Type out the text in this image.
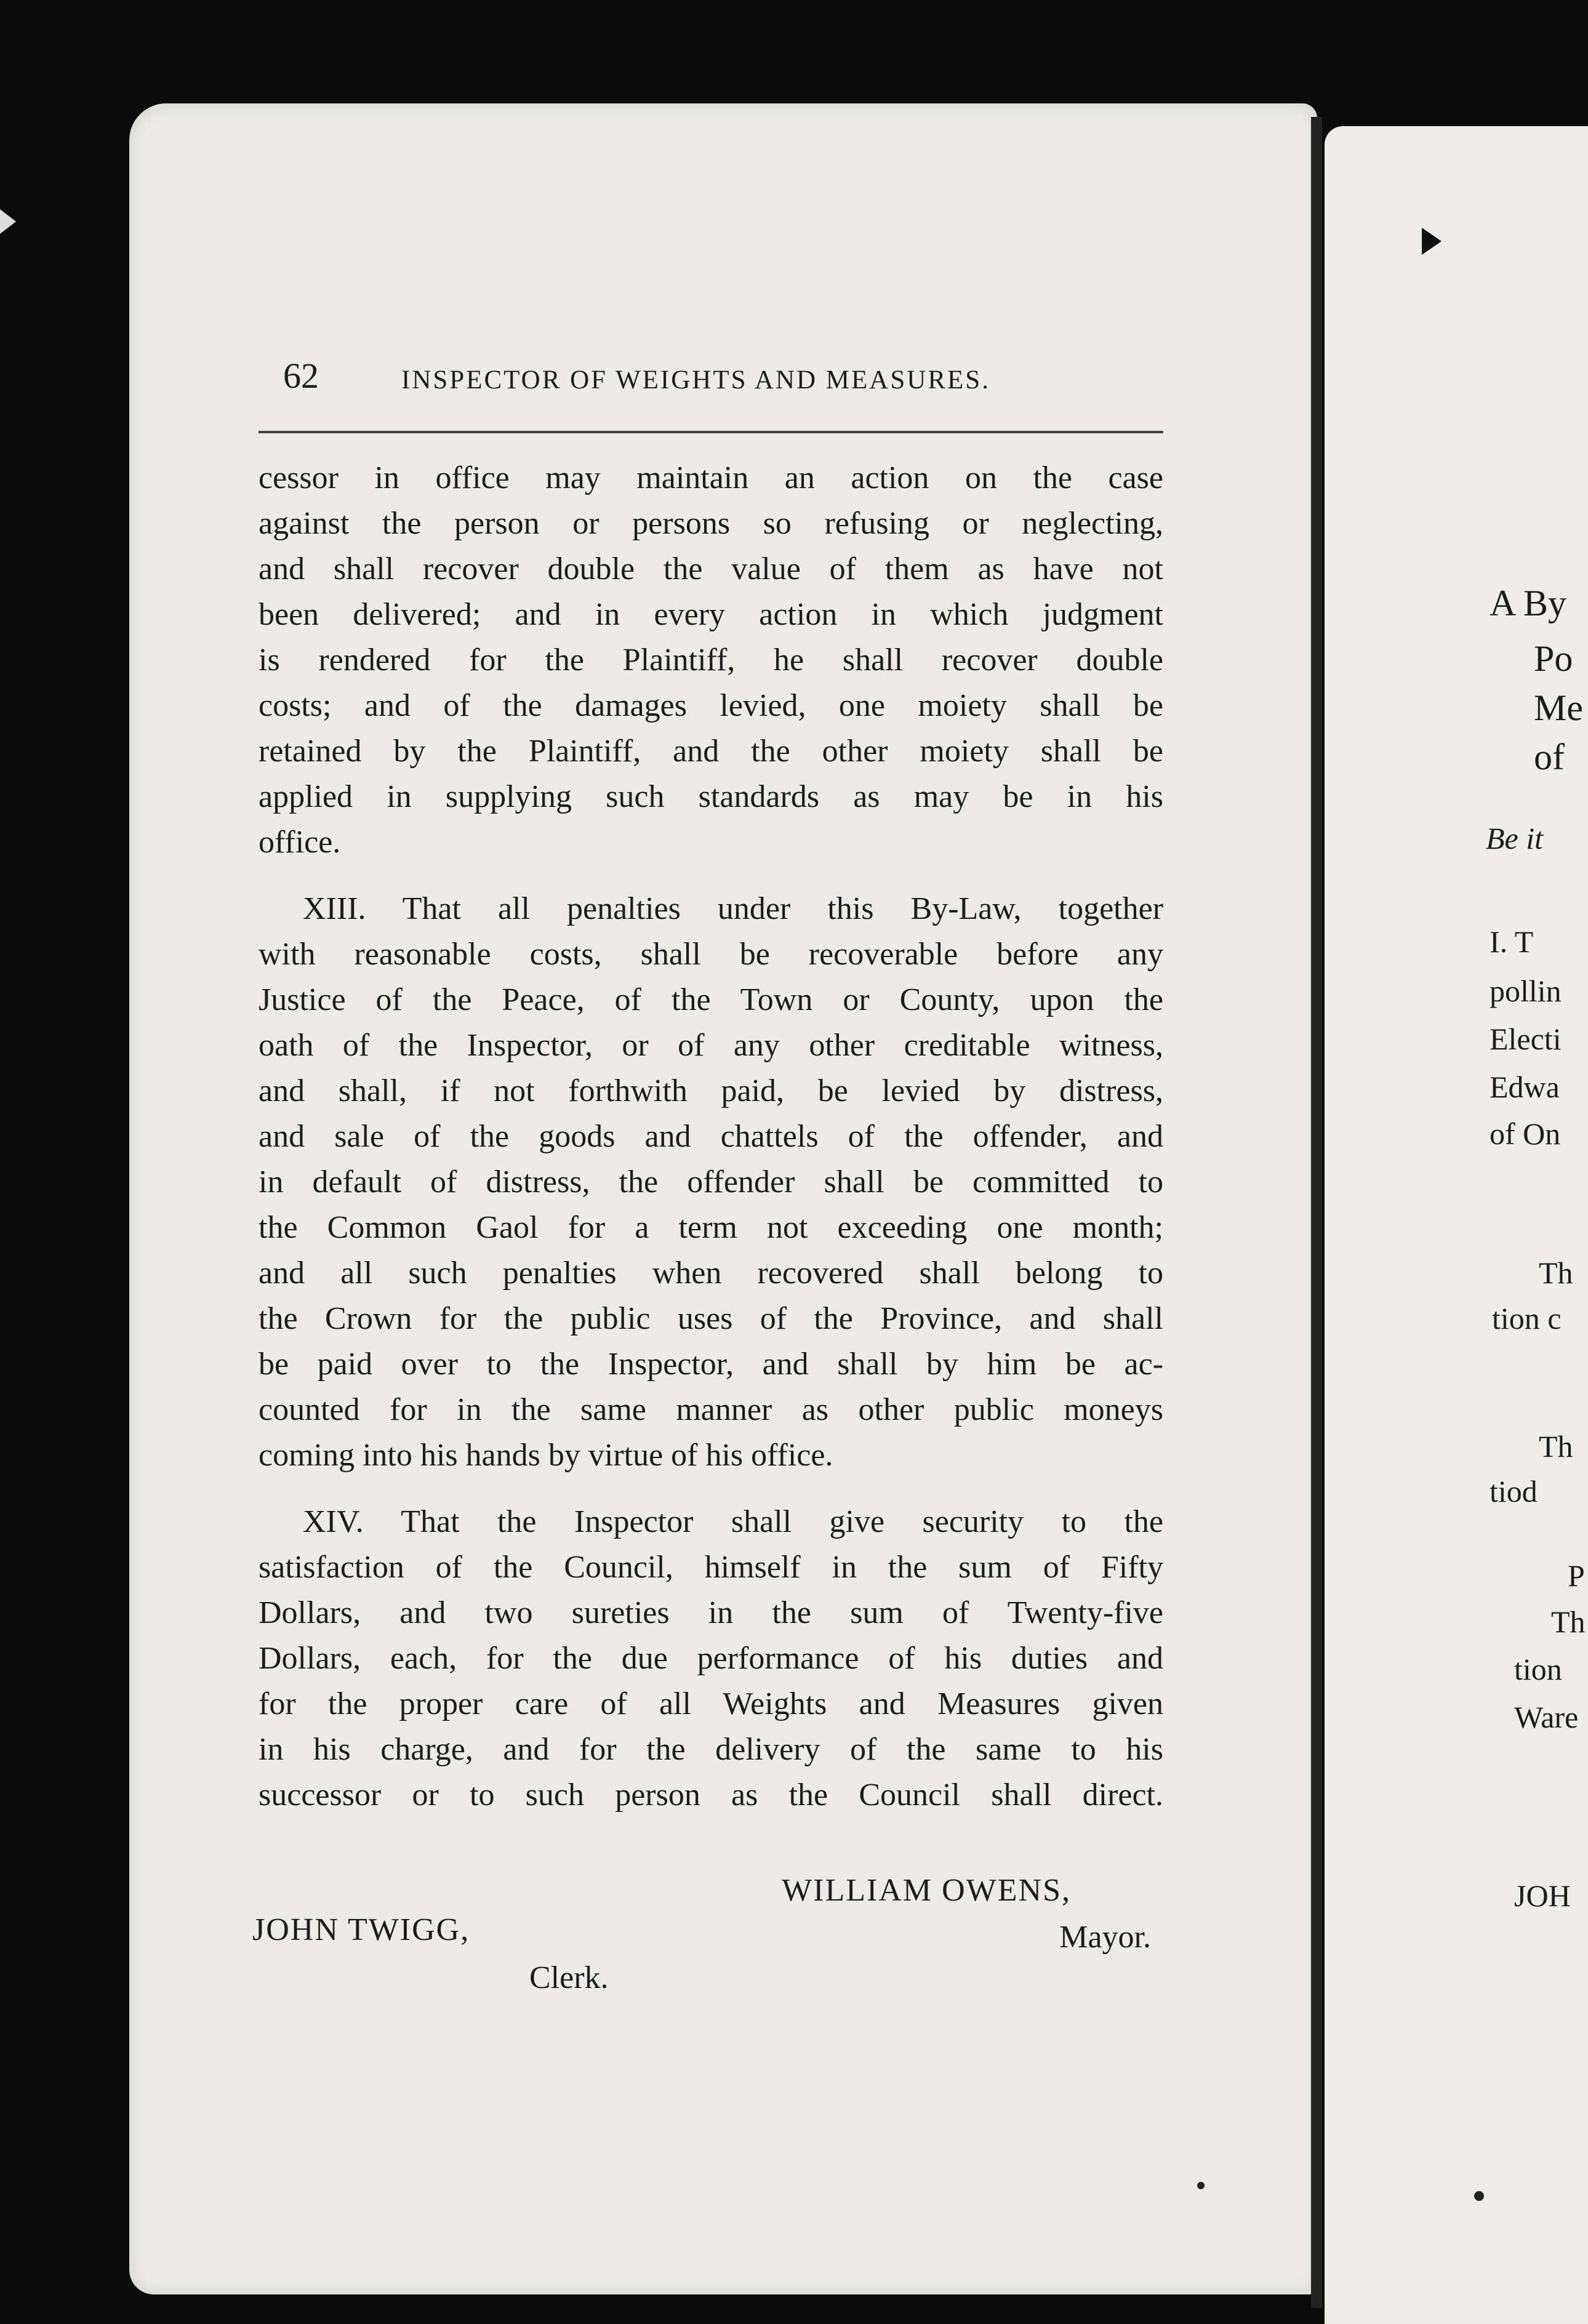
A By
Po
Me
of
Be it
I. T
pollin
Electi
Edwa
of On
Th
tion c
Th
tiod
P
Th
tion
Ware
JOH
62	INSPECTOR OF WEIGHTS AND MEASURES.
cessor in office may maintain an action on the case
against the person or persons so refusing or neglecting,
and shall recover double the value of them as have not
been delivered; and in every action in which judgment
is rendered for the Plaintiff, he shall recover double
costs; and of the damages levied, one moiety shall be
retained by the Plaintiff, and the other moiety shall be
applied in supplying such standards as may be in his
office.
XIII. That all penalties under this By-Law, together
with reasonable costs, shall be recoverable before any
Justice of the Peace, of the Town or County, upon the
oath of the Inspector, or of any other creditable witness,
and shall, if not forthwith paid, be levied by distress,
and sale of the goods and chattels of the offender, and
in default of distress, the offender shall be committed to
the Common Gaol for a term not exceeding one month;
and all such penalties when recovered shall belong to
the Crown for the public uses of the Province, and shall
be paid over to the Inspector, and shall by him be ac-
counted for in the same manner as other public moneys
coming into his hands by virtue of his office.
XIV. That the Inspector shall give security to the
satisfaction of the Council, himself in the sum of Fifty
Dollars, and two sureties in the sum of Twenty-five
Dollars, each, for the due performance of his duties and
for the proper care of all Weights and Measures given
in his charge, and for the delivery of the same to his
successor or to such person as the Council shall direct.
WILLIAM OWENS,
Mayor.
JOHN TWIGG,
Clerk.
